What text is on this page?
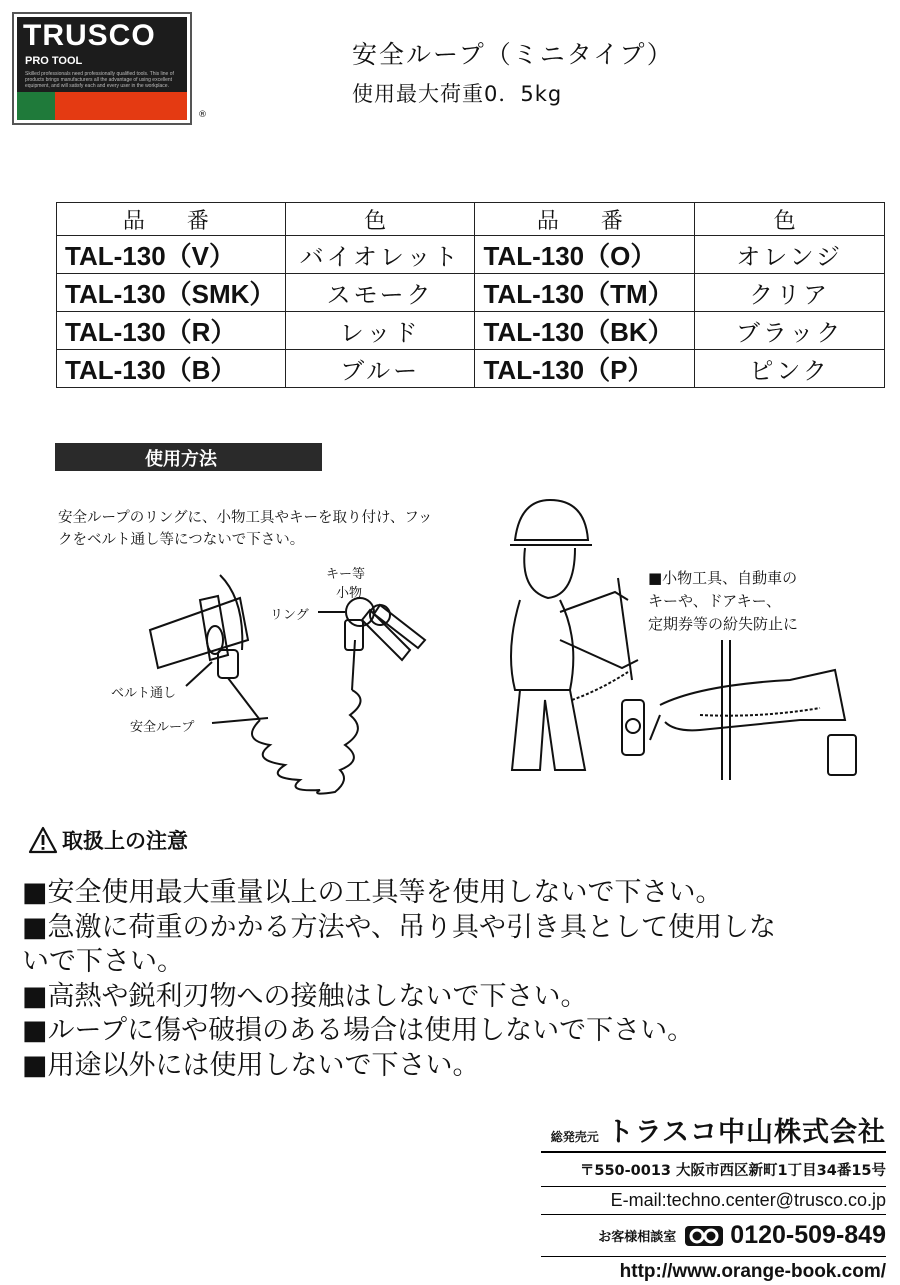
TRUSCO
PRO TOOL
Skilled professionals need professionally qualified tools. This line of products brings manufacturers all the advantage of using excellent equipment, and will satisfy each and every user in the workplace.
®
安全ループ（ミニタイプ）
使用最大荷重0．5kg
品　番	色	品　番	色
TAL-130（V）	バイオレット	TAL-130（O）	オレンジ
TAL-130（SMK）	スモーク	TAL-130（TM）	クリア
TAL-130（R）	レッド	TAL-130（BK）	ブラック
TAL-130（B）	ブルー	TAL-130（P）	ピンク
使用方法
安全ループのリングに、小物工具やキーを取り付け、フックをベルト通し等につないで下さい。
キー等
小物
リング
ベルト通し
安全ループ
■小物工具、自動車の
キーや、ドアキー、
定期券等の紛失防止に
取扱上の注意

■安全使用最大重量以上の工具等を使用しないで下さい。

■急激に荷重のかかる方法や、吊り具や引き具として使用しないで下さい。

■高熱や鋭利刃物への接触はしないで下さい。

■ループに傷や破損のある場合は使用しないで下さい。

■用途以外には使用しないで下さい。

総発売元 トラスコ中山株式会社
〒550-0013 大阪市西区新町1丁目34番15号
E-mail:techno.center@trusco.co.jp
お客様相談室 0120-509-849
http://www.orange-book.com/
